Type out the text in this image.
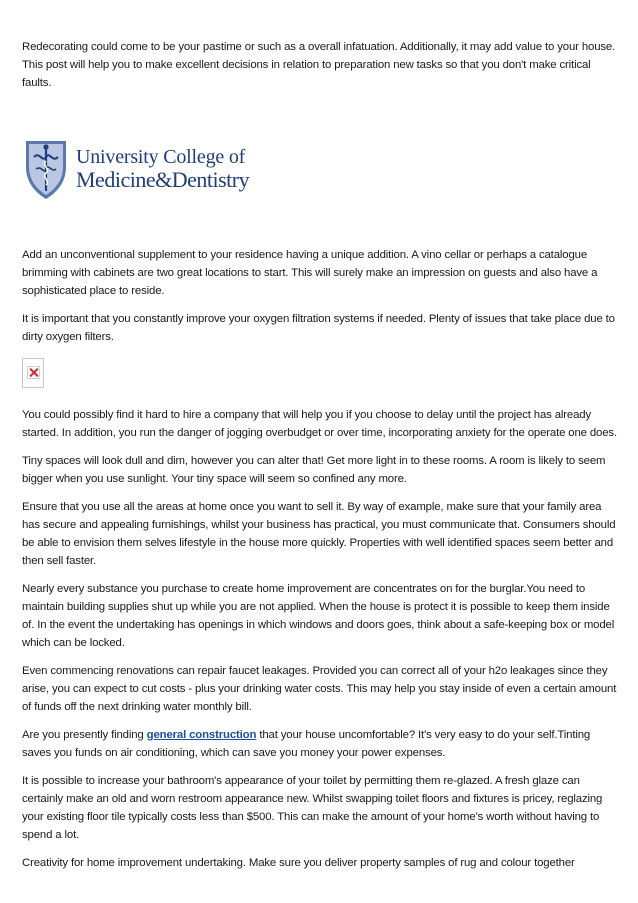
Redecorating could come to be your pastime or such as a overall infatuation. Additionally, it may add value to your house. This post will help you to make excellent decisions in relation to preparation new tasks so that you don't make critical faults.

University College of
Medicine&Dentistry

Add an unconventional supplement to your residence having a unique addition. A vino cellar or perhaps a catalogue brimming with cabinets are two great locations to start. This will surely make an impression on guests and also have a sophisticated place to reside.

It is important that you constantly improve your oxygen filtration systems if needed. Plenty of issues that take place due to dirty oxygen filters.

You could possibly find it hard to hire a company that will help you if you choose to delay until the project has already started. In addition, you run the danger of jogging overbudget or over time, incorporating anxiety for the operate one does.

Tiny spaces will look dull and dim, however you can alter that! Get more light in to these rooms. A room is likely to seem bigger when you use sunlight. Your tiny space will seem so confined any more.

Ensure that you use all the areas at home once you want to sell it. By way of example, make sure that your family area has secure and appealing furnishings, whilst your business has practical, you must communicate that. Consumers should be able to envision them selves lifestyle in the house more quickly. Properties with well identified spaces seem better and then sell faster.

Nearly every substance you purchase to create home improvement are concentrates on for the burglar.You need to maintain building supplies shut up while you are not applied. When the house is protect it is possible to keep them inside of. In the event the undertaking has openings in which windows and doors goes, think about a safe-keeping box or model which can be locked.

Even commencing renovations can repair faucet leakages. Provided you can correct all of your h2o leakages since they arise, you can expect to cut costs - plus your drinking water costs. This may help you stay inside of even a certain amount of funds off the next drinking water monthly bill.

Are you presently finding general construction that your house uncomfortable? It's very easy to do your self.Tinting saves you funds on air conditioning, which can save you money your power expenses.

It is possible to increase your bathroom's appearance of your toilet by permitting them re-glazed. A fresh glaze can certainly make an old and worn restroom appearance new. Whilst swapping toilet floors and fixtures is pricey, reglazing your existing floor tile typically costs less than $500. This can make the amount of your home's worth without having to spend a lot.

Creativity for home improvement undertaking. Make sure you deliver property samples of rug and colour together
